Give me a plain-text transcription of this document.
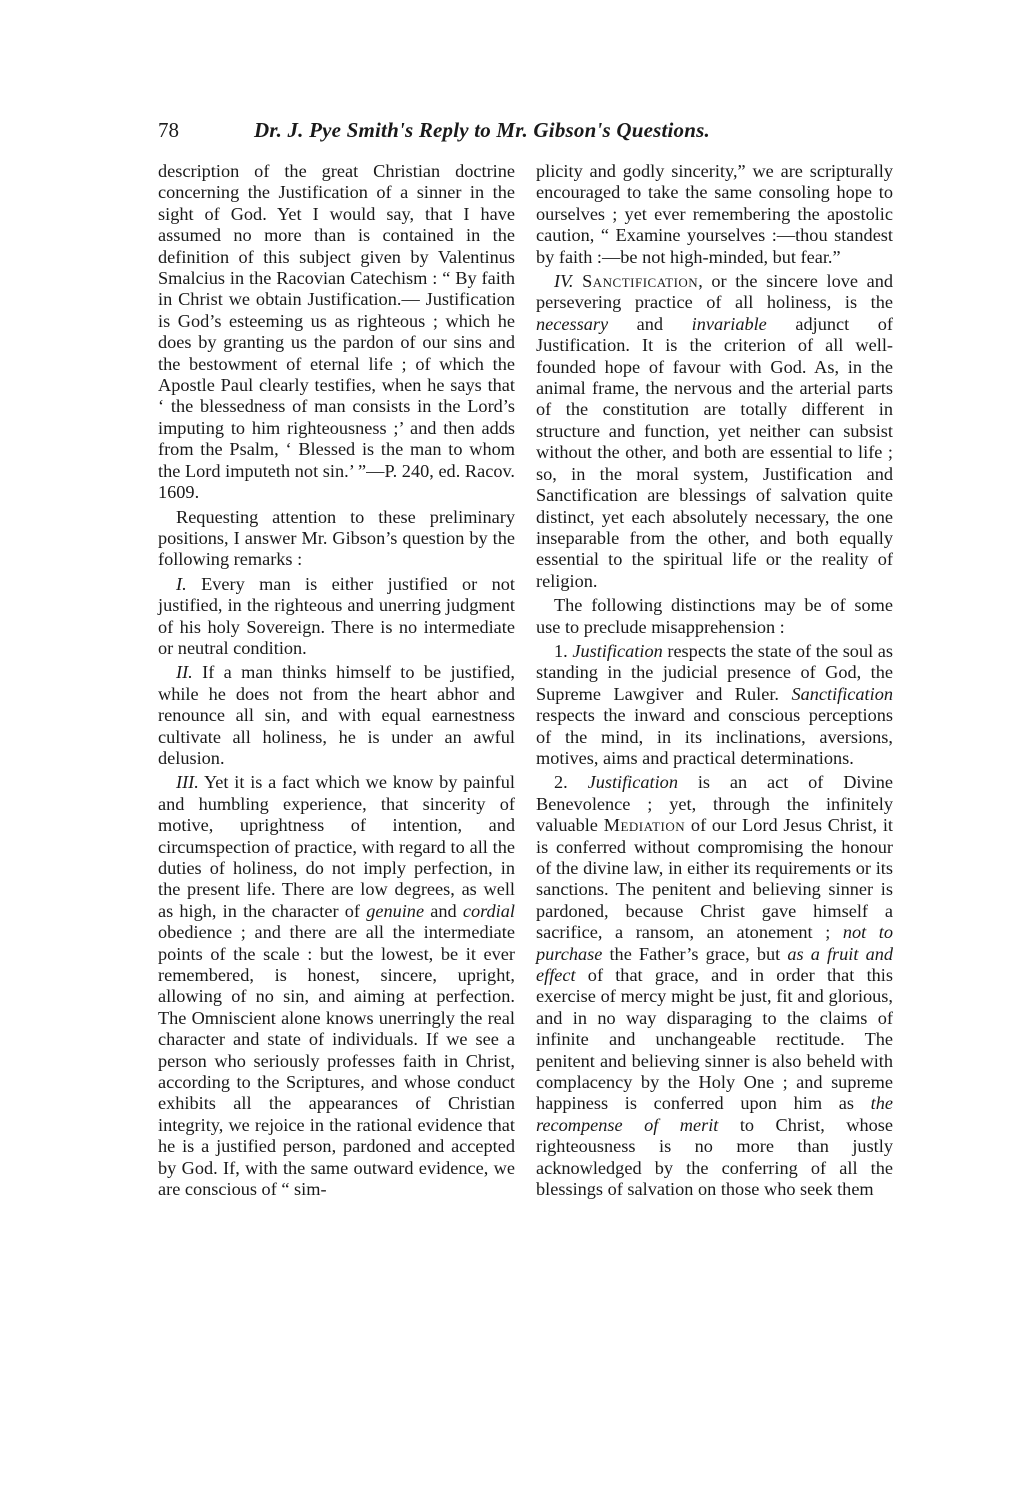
78	Dr. J. Pye Smith's Reply to Mr. Gibson's Questions.

description of the great Christian doctrine concerning the Justification of a sinner in the sight of God. Yet I would say, that I have assumed no more than is contained in the definition of this subject given by Valentinus Smalcius in the Racovian Catechism : “ By faith in Christ we obtain Justification.— Justification is God’s esteeming us as righteous ; which he does by granting us the pardon of our sins and the bestowment of eternal life ; of which the Apostle Paul clearly testifies, when he says that ‘ the blessedness of man consists in the Lord’s imputing to him righteousness ;’ and then adds from the Psalm, ‘ Blessed is the man to whom the Lord imputeth not sin.’ ”—P. 240, ed. Racov. 1609.

Requesting attention to these preliminary positions, I answer Mr. Gibson’s question by the following remarks :

I. Every man is either justified or not justified, in the righteous and unerring judgment of his holy Sovereign. There is no intermediate or neutral condition.

II. If a man thinks himself to be justified, while he does not from the heart abhor and renounce all sin, and with equal earnestness cultivate all holiness, he is under an awful delusion.

III. Yet it is a fact which we know by painful and humbling experience, that sincerity of motive, uprightness of intention, and circumspection of practice, with regard to all the duties of holiness, do not imply perfection, in the present life. There are low degrees, as well as high, in the character of genuine and cordial obedience ; and there are all the intermediate points of the scale : but the lowest, be it ever remembered, is honest, sincere, upright, allowing of no sin, and aiming at perfection. The Omniscient alone knows unerringly the real character and state of individuals. If we see a person who seriously professes faith in Christ, according to the Scriptures, and whose conduct exhibits all the appearances of Christian integrity, we rejoice in the rational evidence that he is a justified person, pardoned and accepted by God. If, with the same outward evidence, we are conscious of “ sim-

plicity and godly sincerity,” we are scripturally encouraged to take the same consoling hope to ourselves ; yet ever remembering the apostolic caution, “ Examine yourselves :—thou standest by faith :—be not high-minded, but fear.”

IV. Sanctification, or the sincere love and persevering practice of all holiness, is the necessary and invariable adjunct of Justification. It is the criterion of all well-founded hope of favour with God. As, in the animal frame, the nervous and the arterial parts of the constitution are totally different in structure and function, yet neither can subsist without the other, and both are essential to life ; so, in the moral system, Justification and Sanctification are blessings of salvation quite distinct, yet each absolutely necessary, the one inseparable from the other, and both equally essential to the spiritual life or the reality of religion.

The following distinctions may be of some use to preclude misapprehension :

1. Justification respects the state of the soul as standing in the judicial presence of God, the Supreme Lawgiver and Ruler. Sanctification respects the inward and conscious perceptions of the mind, in its inclinations, aversions, motives, aims and practical determinations.

2. Justification is an act of Divine Benevolence ; yet, through the infinitely valuable Mediation of our Lord Jesus Christ, it is conferred without compromising the honour of the divine law, in either its requirements or its sanctions. The penitent and believing sinner is pardoned, because Christ gave himself a sacrifice, a ransom, an atonement ; not to purchase the Father’s grace, but as a fruit and effect of that grace, and in order that this exercise of mercy might be just, fit and glorious, and in no way disparaging to the claims of infinite and unchangeable rectitude. The penitent and believing sinner is also beheld with complacency by the Holy One ; and supreme happiness is conferred upon him as the recompense of merit to Christ, whose righteousness is no more than justly acknowledged by the conferring of all the blessings of salvation on those who seek them
